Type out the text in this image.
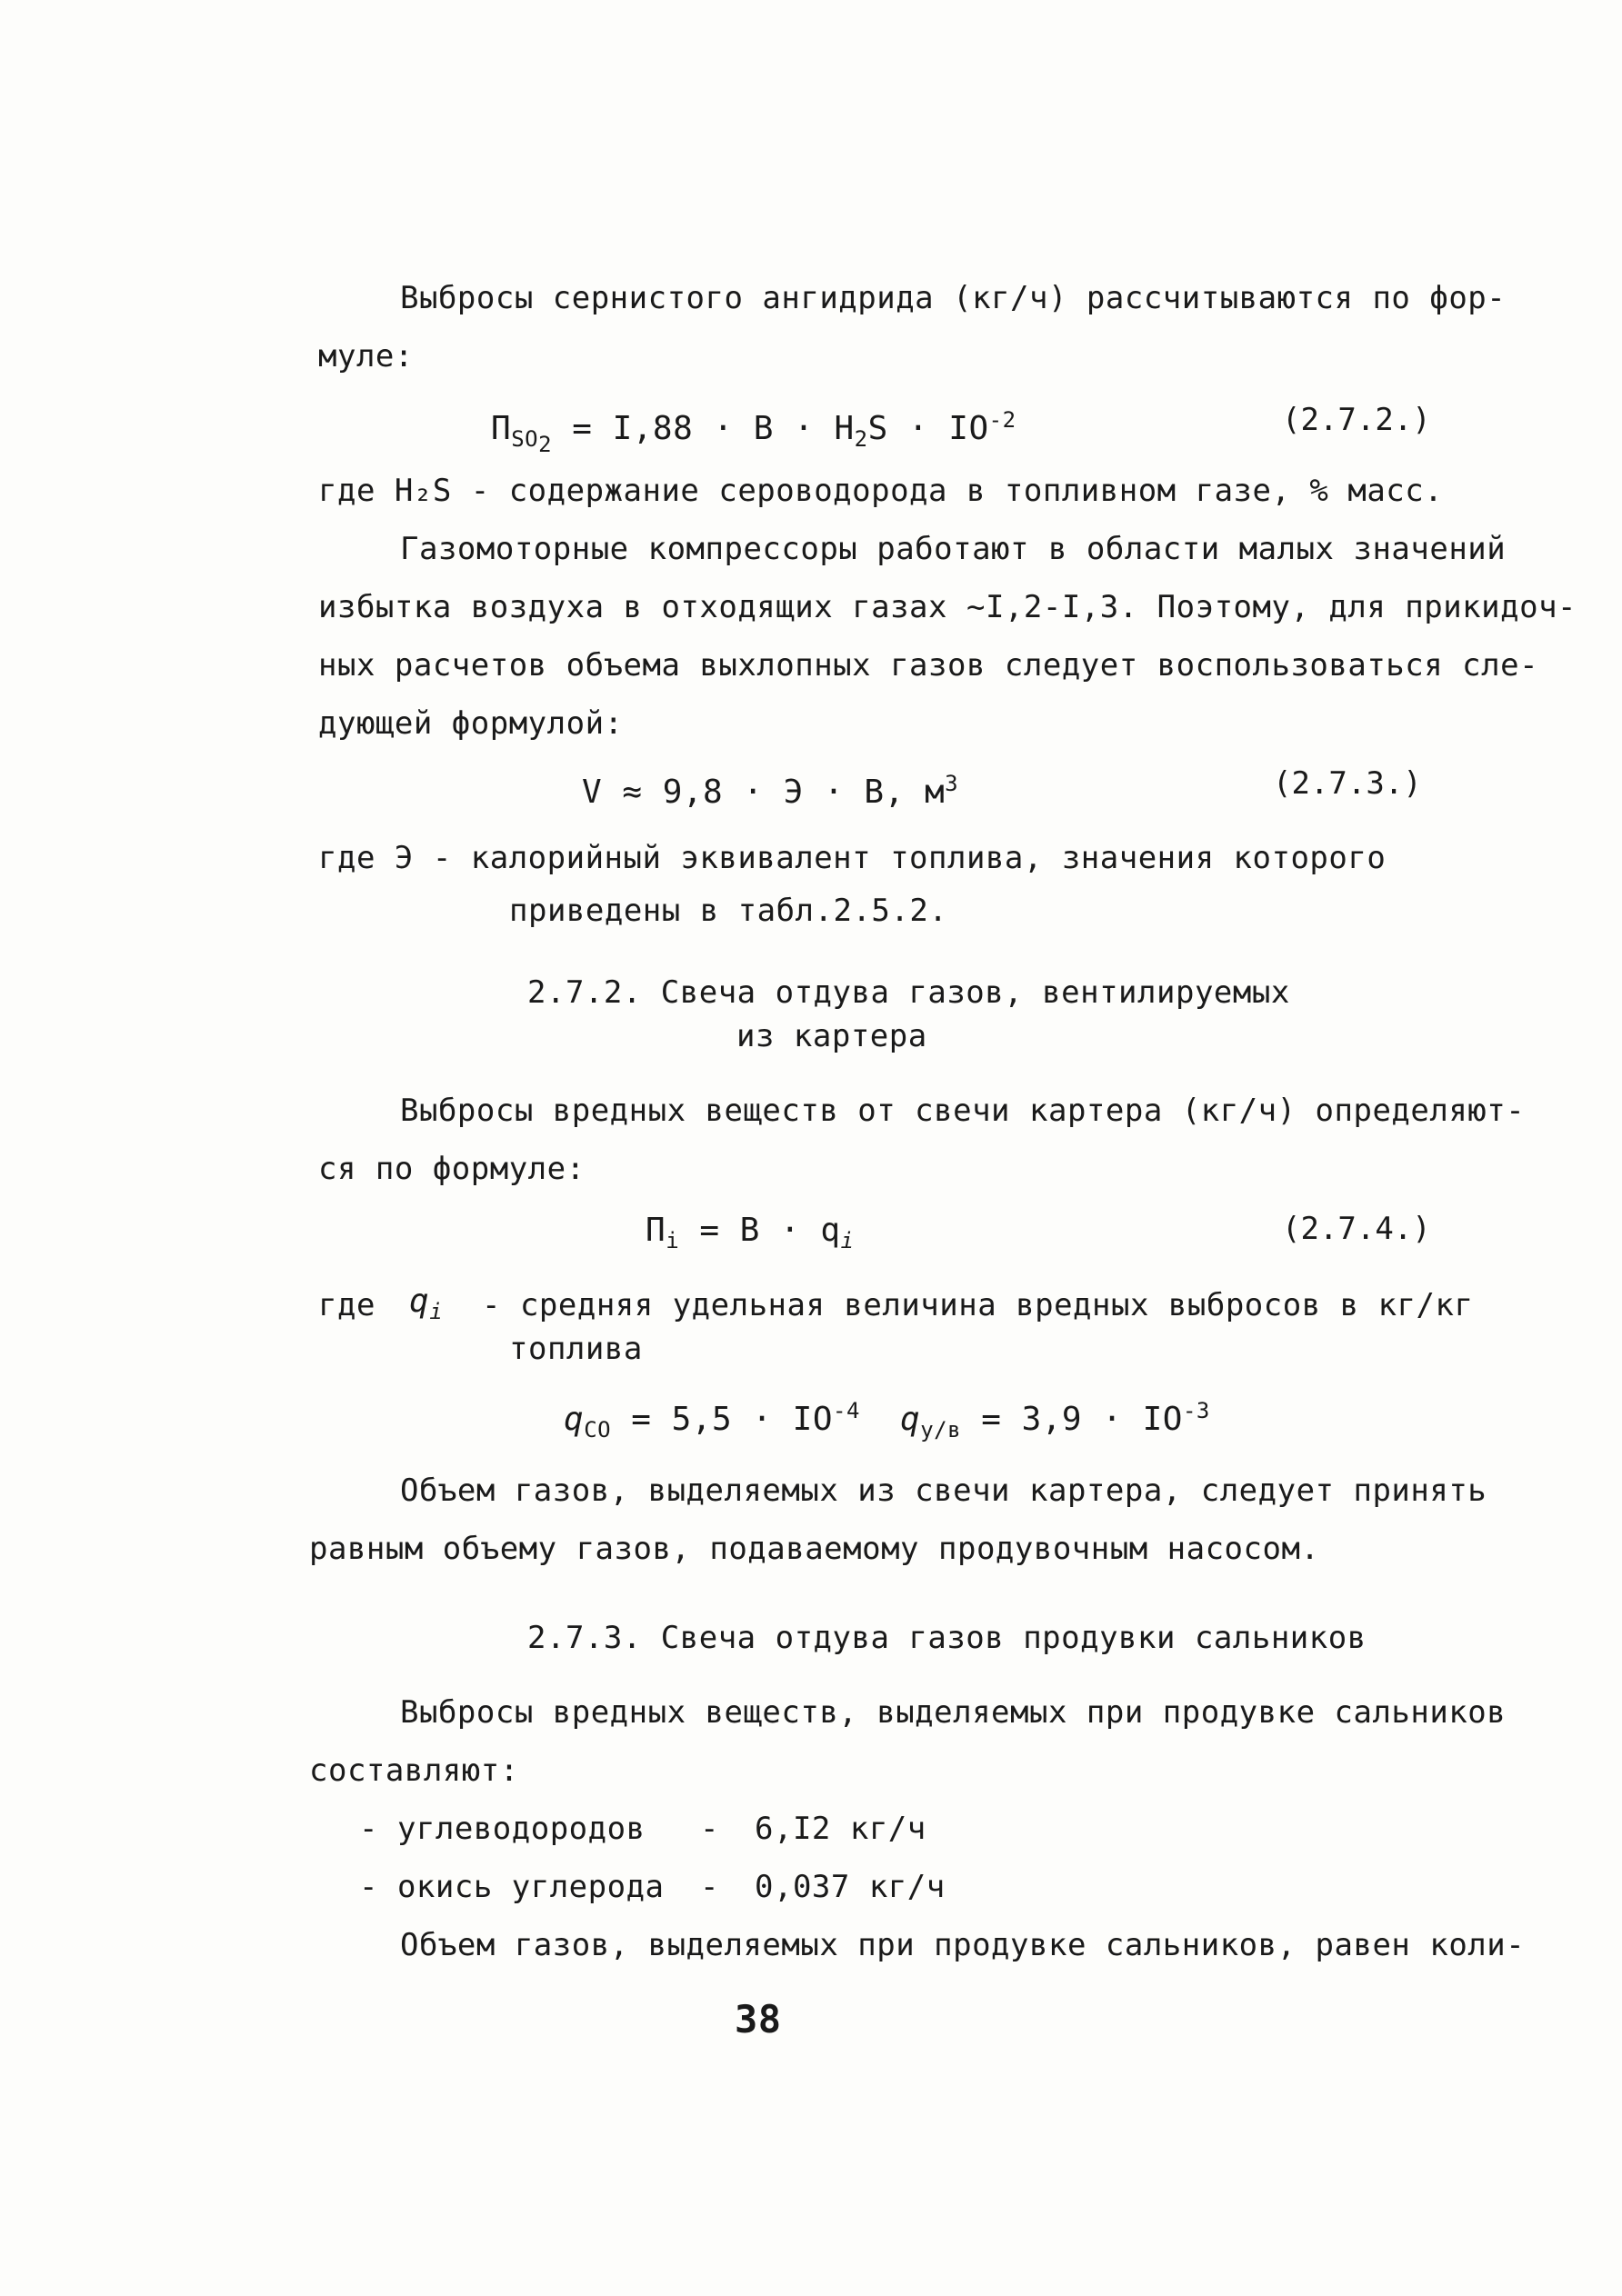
Выбросы сернистого ангидрида (кг/ч) рассчитываются по фор-
муле:
$П_{SO_2} = I,88 \cdot B \cdot H_2S \cdot IO^{-2}$	(2.7.2.)
где H₂S - содержание сероводорода в топливном газе, % масс.
Газомоторные компрессоры работают в области малых значений
избытка воздуха в отходящих газах ~I,2-I,3. Поэтому, для прикидоч-
ных расчетов объема выхлопных газов следует воспользоваться сле-
дующей формулой:
V ≈ 9,8 · Э · B, $м^3$	(2.7.3.)
где Э - калорийный эквивалент топлива, значения которого
приведены в табл.2.5.2.
2.7.2. Свеча отдува газов, вентилируемых
из картера
Выбросы вредных веществ от свечи картера (кг/ч) определяют-
ся по формуле:
$П_i = B \cdot q_i$	(2.7.4.)
где $q_i$ - средняя удельная величина вредных выбросов в кг/кг
топлива
$q_{CO} = 5,5 \cdot IO^{-4}$ $q_{у/в} = 3,9 \cdot IO^{-3}$
Объем газов, выделяемых из свечи картера, следует принять
равным объему газов, подаваемому продувочным насосом.
2.7.3. Свеча отдува газов продувки сальников
Выбросы вредных веществ, выделяемых при продувке сальников
составляют:
- углеводородов - 6,I2 кг/ч
- окись углерода - 0,037 кг/ч
Объем газов, выделяемых при продувке сальников, равен коли-
38
